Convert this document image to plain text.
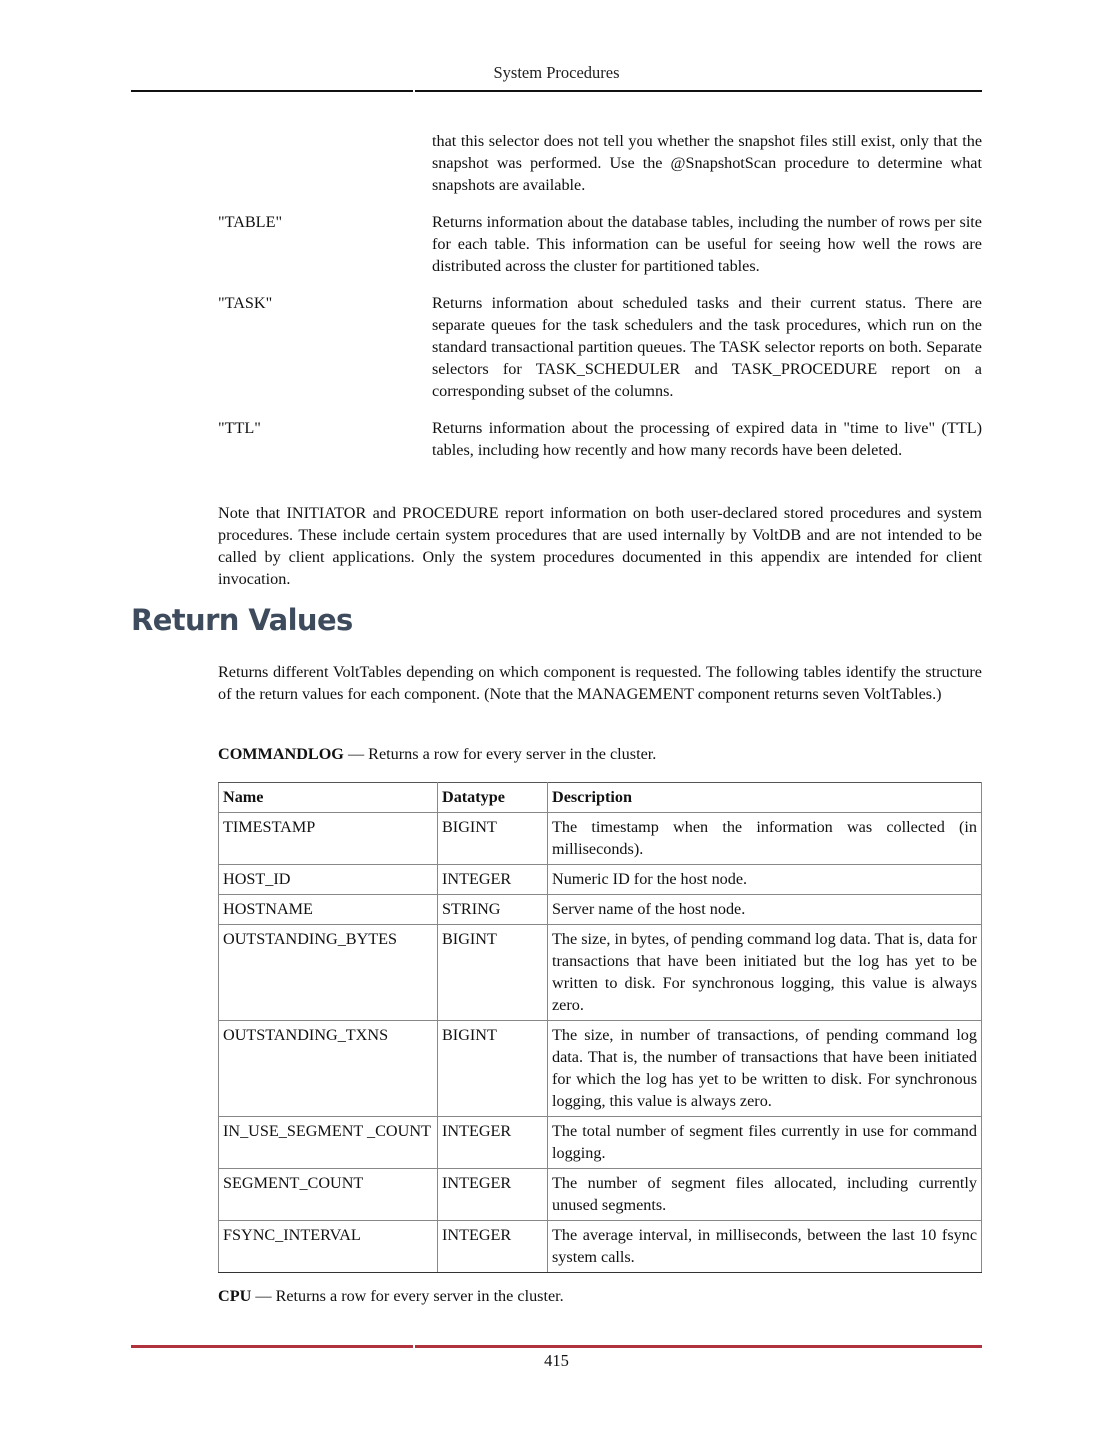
System Procedures
that this selector does not tell you whether the snapshot files still exist, only that the snapshot was performed. Use the @SnapshotScan procedure to determine what snapshots are available.
"TABLE"	Returns information about the database tables, including the number of rows per site for each table. This information can be useful for seeing how well the rows are distributed across the cluster for partitioned tables.
"TASK"	Returns information about scheduled tasks and their current status. There are separate queues for the task schedulers and the task procedures, which run on the standard transactional partition queues. The TASK selector reports on both. Separate selectors for TASK_SCHEDULER and TASK_PROCEDURE report on a corresponding subset of the columns.
"TTL"	Returns information about the processing of expired data in "time to live" (TTL) tables, including how recently and how many records have been deleted.
Note that INITIATOR and PROCEDURE report information on both user-declared stored procedures and system procedures. These include certain system procedures that are used internally by VoltDB and are not intended to be called by client applications. Only the system procedures documented in this appendix are intended for client invocation.
Return Values
Returns different VoltTables depending on which component is requested. The following tables identify the structure of the return values for each component. (Note that the MANAGEMENT component returns seven VoltTables.)
COMMANDLOG — Returns a row for every server in the cluster.
Name	Datatype	Description
TIMESTAMP	BIGINT	The timestamp when the information was collected (in milliseconds).
HOST_ID	INTEGER	Numeric ID for the host node.
HOSTNAME	STRING	Server name of the host node.
OUTSTANDING_BYTES	BIGINT	The size, in bytes, of pending command log data. That is, data for transactions that have been initiated but the log has yet to be written to disk. For synchronous logging, this value is always zero.
OUTSTANDING_TXNS	BIGINT	The size, in number of transactions, of pending command log data. That is, the number of transactions that have been initiated for which the log has yet to be written to disk. For synchronous logging, this value is always zero.
IN_USE_SEGMENT _COUNT	INTEGER	The total number of segment files currently in use for command logging.
SEGMENT_COUNT	INTEGER	The number of segment files allocated, including currently unused segments.
FSYNC_INTERVAL	INTEGER	The average interval, in milliseconds, between the last 10 fsync system calls.
CPU — Returns a row for every server in the cluster.
415
